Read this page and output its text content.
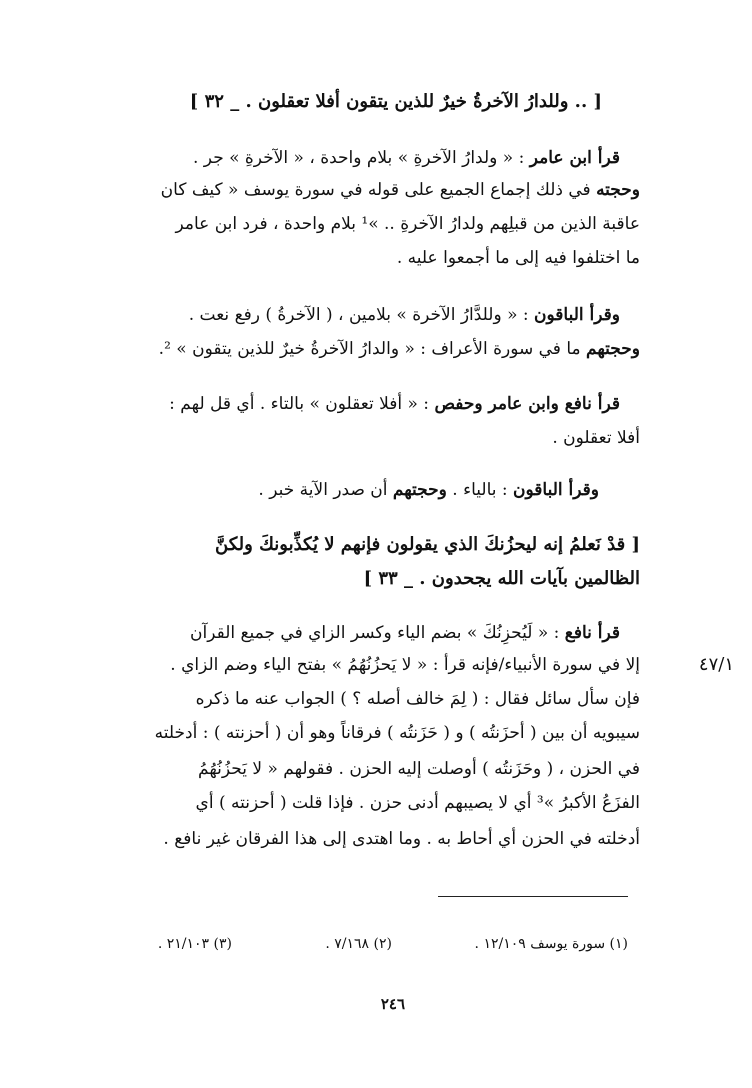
[ .. وللدارُ الآخرةُ خيرٌ للذين يتقون أفلا تعقلون . _ ٣٢ ]
قرأ ابن عامر : « ولدارُ الآخرةِ » بلام واحدة ، « الآخرةِ » جر .
وحجته في ذلك إجماع الجميع على قوله في سورة يوسف « كيف كان
عاقبة الذين من قبلِهم ولدارُ الآخرةِ .. »¹ بلام واحدة ، فرد ابن عامر
ما اختلفوا فيه إلى ما أجمعوا عليه .
وقرأ الباقون : « وللدَّارُ الآخرة » بلامين ، ( الآخرةُ ) رفع نعت .
وحجتهم ما في سورة الأعراف : « والدارُ الآخرةُ خيرٌ للذين يتقون » ².
قرأ نافع وابن عامر وحفص : « أفلا تعقلون » بالتاء . أي قل لهم :
أفلا تعقلون .
وقرأ الباقون : بالياء . وحجتهم أن صدر الآية خبر .
[ قدْ نَعلمُ إنه ليحزُنكَ الذي يقولون فإنهم لا يُكذِّبونكَ ولكنَّ
الظالمين بآيات الله يجحدون . _ ٣٣ ]
قرأ نافع : « لَيُحزِنُكَ » بضم الياء وكسر الزاي في جميع القرآن
إلا في سورة الأنبياء/فإنه قرأ : « لا يَحزُنُهُمُ » بفتح الياء وضم الزاي .
فإن سأل سائل فقال : ( لِمَ خالف أصله ؟ ) الجواب عنه ما ذكره
سيبويه أن بين ( أحزَنتُه ) و ( حَزَنتُه ) فرقاناً وهو أن ( أحزنته ) : أدخلته
في الحزن ، ( وحَزَنتُه ) أوصلت إليه الحزن . فقولهم « لا يَحزُنُهُمُ
الفزَعُ الأكبرُ »³ أي لا يصيبهم أدنى حزن . فإذا قلت ( أحزنته ) أي
أدخلته في الحزن أي أحاط به . وما اهتدى إلى هذا الفرقان غير نافع .
٤٧/١
(١) سورة يوسف ١٢/١٠٩ .
(٢) ٧/١٦٨ .
(٣) ٢١/١٠٣ .
٢٤٦
